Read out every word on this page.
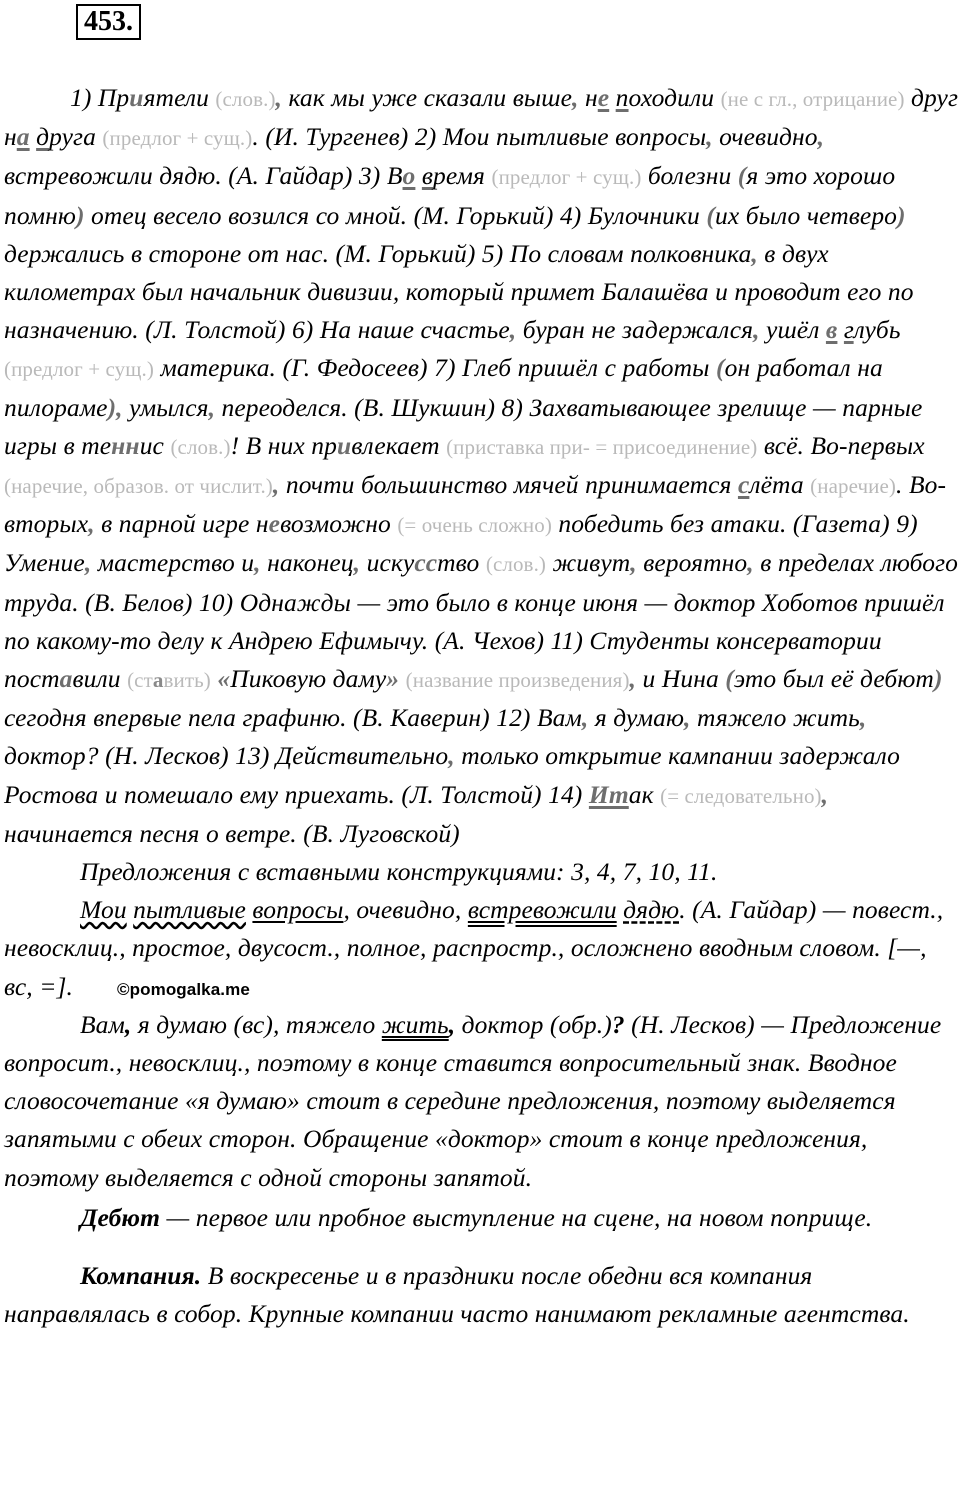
453.
1) Приятели (слов.), как мы уже сказали выше, не походили (не с гл., отрицание) друг на друга (предлог + сущ.). (И. Тургенев) 2) Мои пытливые вопросы, очевидно, встревожили дядю. (А. Гайдар) 3) Во время (предлог + сущ.) болезни (я это хорошо помню) отец весело возился со мной. (М. Горький) 4) Булочники (их было четверо) держались в стороне от нас. (М. Горький) 5) По словам полковника, в двух километрах был начальник дивизии, который примет Балашёва и проводит его по назначению. (Л. Толстой) 6) На наше счастье, буран не задержался, ушёл в глубь (предлог + сущ.) материка. (Г. Федосеев) 7) Глеб пришёл с работы (он работал на пилораме), умылся, переоделся. (В. Шукшин) 8) Захватывающее зрелище — парные игры в теннис (слов.)! В них привлекает (приставка при- = присоединение) всё. Во-первых (наречие, образов. от числит.), почти большинство мячей принимается слёта (наречие). Во-вторых, в парной игре невозможно (= очень сложно) победить без атаки. (Газета) 9) Умение, мастерство и, наконец, искусство (слов.) живут, вероятно, в пределах любого труда. (В. Белов) 10) Однажды — это было в конце июня — доктор Хоботов пришёл по какому-то делу к Андрею Ефимычу. (А. Чехов) 11) Студенты консерватории поставили (ставить) «Пиковую даму» (название произведения), и Нина (это был её дебют) сегодня впервые пела графиню. (В. Каверин) 12) Вам, я думаю, тяжело жить, доктор? (Н. Лесков) 13) Действительно, только открытие кампании задержало Ростова и помешало ему приехать. (Л. Толстой) 14) Итак (= следовательно), начинается песня о ветре. (В. Луговской)
Предложения с вставными конструкциями: 3, 4, 7, 10, 11.
Мои пытливые вопросы, очевидно, встревожили дядю. (А. Гайдар) — повест., невосклиц., простое, двусост., полное, распростр., осложнено вводным словом. [—, вс, =].	©pomogalka.me
Вам, я думаю (вс), тяжело жить, доктор (обр.)? (Н. Лесков) — Предложение вопросит., невосклиц., поэтому в конце ставится вопросительный знак. Вводное словосочетание «я думаю» стоит в середине предложения, поэтому выделяется запятыми с обеих сторон. Обращение «доктор» стоит в конце предложения, поэтому выделяется с одной стороны запятой.
Дебют — первое или пробное выступление на сцене, на новом поприще.
Компания. В воскресенье и в праздники после обедни вся компания направлялась в собор. Крупные компании часто нанимают рекламные агентства.
